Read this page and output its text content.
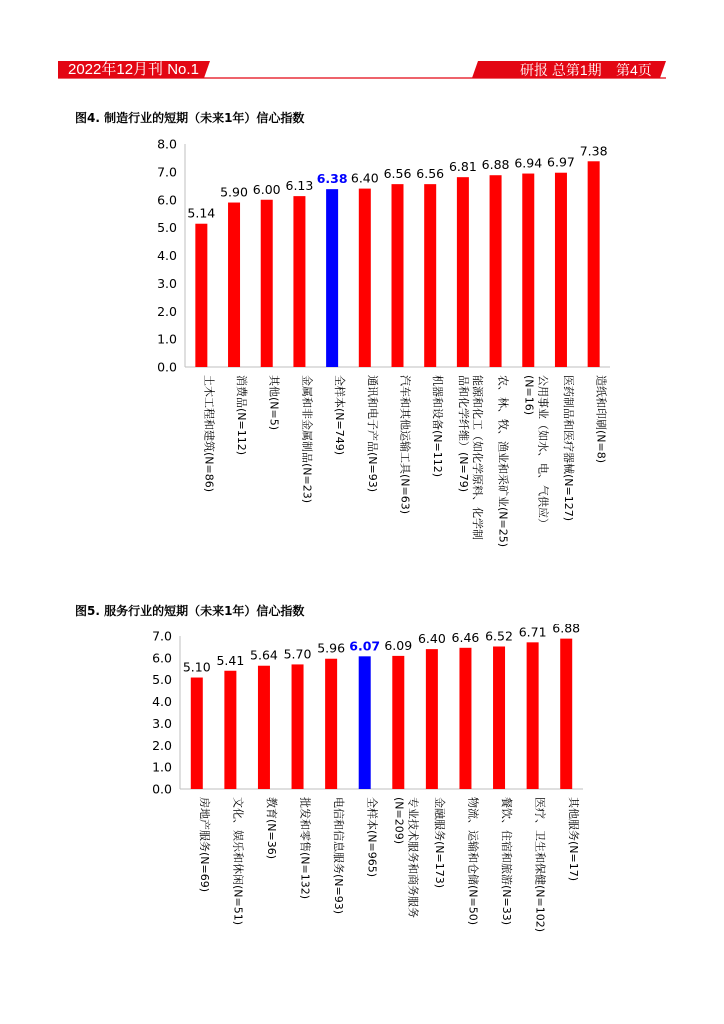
2022年12月刊 No.1	研报 总第1期 第4页
图4. 制造行业的短期（未来1年）信心指数
0.0
1.0
2.0
3.0
4.0
5.0
6.0
7.0
8.0
5.14
土木工程和建筑(N=86)
5.90
消费品(N=112)
6.00
其他(N=5)
6.13
金属和非金属制品(N=23)
6.38
全样本(N=749)
6.40
通讯和电子产品(N=93)
6.56
汽车和其他运输工具(N=63)
6.56
机器和设备(N=112)
6.81
能源和化工（如化学原料、化学制
品和化学纤维）(N=79)
6.88
农、林、牧、渔业和采矿业(N=25)
6.94
公用事业（如水、电、气供应）
(N=16)
6.97
医药制品和医疗器械(N=127)
7.38
造纸和印刷(N=8)
图5. 服务行业的短期（未来1年）信心指数
0.0
1.0
2.0
3.0
4.0
5.0
6.0
7.0
5.10
房地产服务(N=69)
5.41
文化、娱乐和休闲(N=51)
5.64
教育(N=36)
5.70
批发和零售(N=132)
5.96
电信和信息服务(N=93)
6.07
全样本(N=965)
6.09
专业技术服务和商务服务
(N=209)
6.40
金融服务(N=173)
6.46
物流、运输和仓储(N=50)
6.52
餐饮、住宿和旅游(N=33)
6.71
医疗、卫生和保健(N=102)
6.88
其他服务(N=17)
